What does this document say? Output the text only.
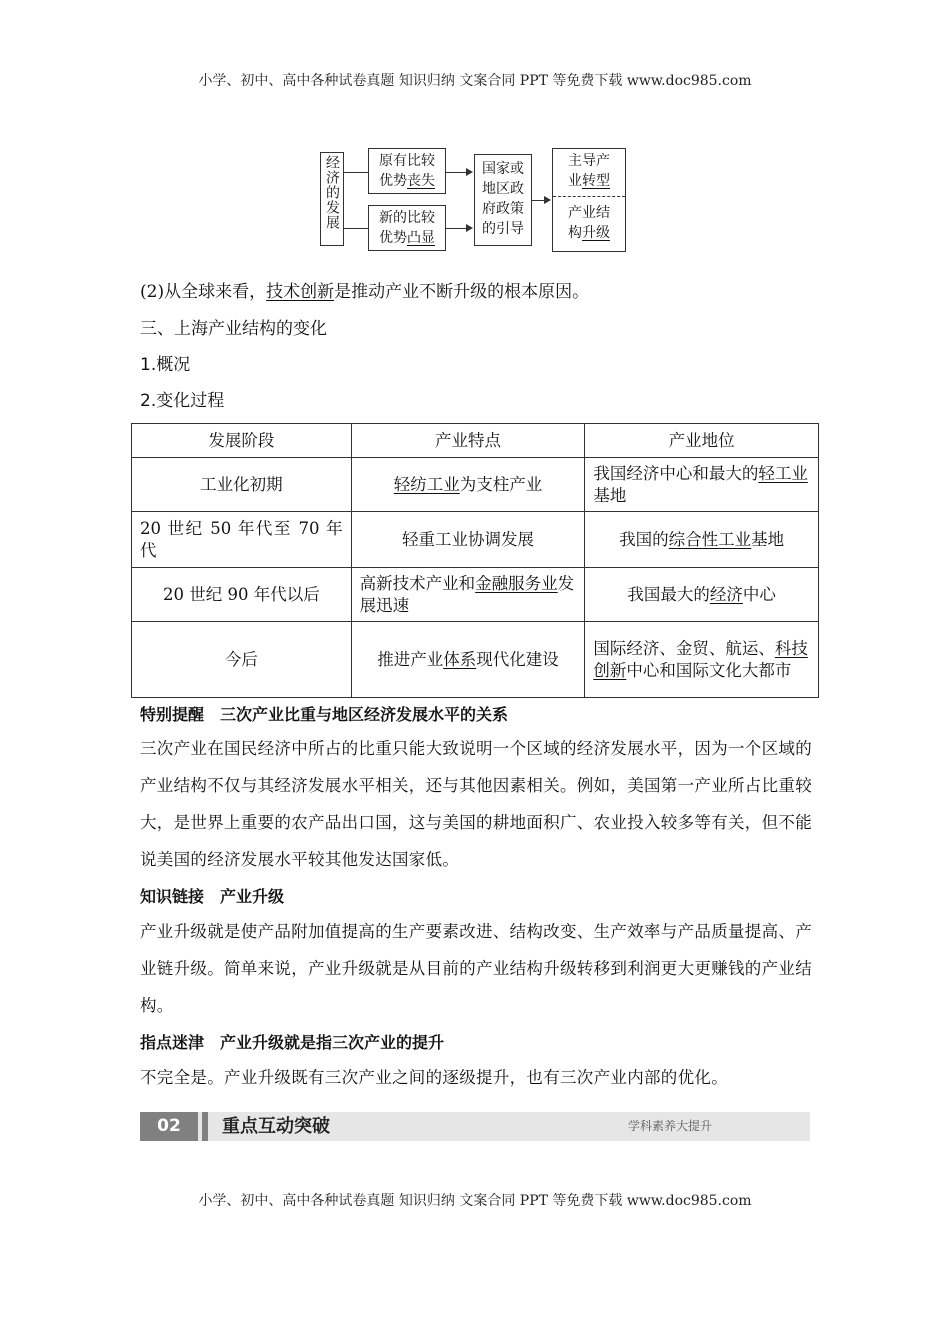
小学、初中、高中各种试卷真题 知识归纳 文案合同 PPT 等免费下载 www.doc985.com
经济的发展	原有比较
优势丧失
新的比较
优势凸显
国家或
地区政
府政策
的引导
主导产
业转型
产业结
构升级
(2)从全球来看，技术创新是推动产业不断升级的根本原因。
三、上海产业结构的变化
1.概况
2.变化过程
发展阶段	产业特点	产业地位
工业化初期	轻纺工业为支柱产业	我国经济中心和最大的轻工业基地
20 世纪 50 年代至 70 年代	轻重工业协调发展	我国的综合性工业基地
20 世纪 90 年代以后	高新技术产业和金融服务业发展迅速	我国最大的经济中心
今后	推进产业体系现代化建设	国际经济、金贸、航运、科技创新中心和国际文化大都市
特别提醒　三次产业比重与地区经济发展水平的关系
三次产业在国民经济中所占的比重只能大致说明一个区域的经济发展水平，因为一个区域的产业结构不仅与其经济发展水平相关，还与其他因素相关。例如，美国第一产业所占比重较大，是世界上重要的农产品出口国，这与美国的耕地面积广、农业投入较多等有关，但不能说美国的经济发展水平较其他发达国家低。
知识链接　产业升级
产业升级就是使产品附加值提高的生产要素改进、结构改变、生产效率与产品质量提高、产业链升级。简单来说，产业升级就是从目前的产业结构升级转移到利润更大更赚钱的产业结构。
指点迷津　产业升级就是指三次产业的提升
不完全是。产业升级既有三次产业之间的逐级提升，也有三次产业内部的优化。
02	重点互动突破	学科素养大提升
小学、初中、高中各种试卷真题 知识归纳 文案合同 PPT 等免费下载 www.doc985.com
